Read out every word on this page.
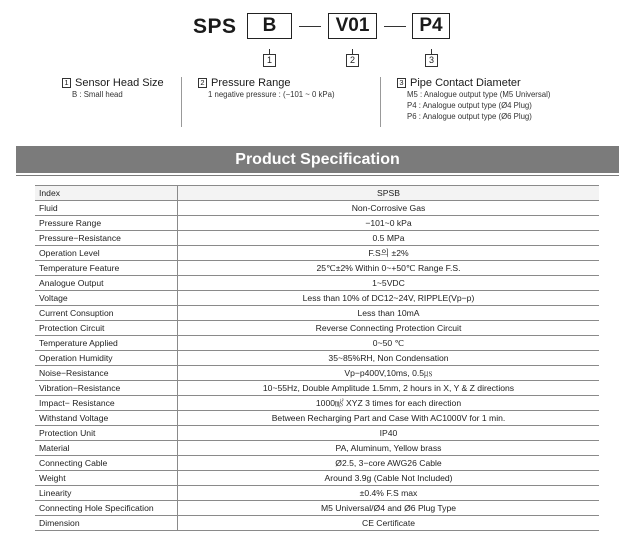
SPS	B	V01	P4
1	2	3
1 Sensor Head Size
B : Small head
2 Pressure Range
1 negative pressure : (−101 ~ 0 kPa)
3 Pipe Contact Diameter
M5 : Analogue output type (M5 Universal)
P4 : Analogue output type (Ø4 Plug)
P6 : Analogue output type (Ø6 Plug)
Product Specification
Index	SPSB
Fluid	Non-Corrosive Gas
Pressure Range	−101~0 kPa
Pressure−Resistance	0.5 MPa
Operation Level	F.S의 ±2%
Temperature Feature	25℃±2% Within 0~+50℃ Range F.S.
Analogue Output	1~5VDC
Voltage	Less than 10% of DC12~24V, RIPPLE(Vp−p)
Current Consuption	Less than 10mA
Protection Circuit	Reverse Connecting Protection Circuit
Temperature Applied	0~50 ℃
Operation Humidity	35~85%RH, Non Condensation
Noise−Resistance	Vp−p400V,10ms, 0.5㎲
Vibration−Resistance	10~55Hz, Double Amplitude 1.5mm, 2 hours in X, Y & Z directions
Impact− Resistance	1000㎨ XYZ 3 times for each direction
Withstand Voltage	Between Recharging Part and Case With AC1000V for 1 min.
Protection Unit	IP40
Material	PA, Aluminum, Yellow brass
Connecting Cable	Ø2.5, 3−core AWG26 Cable
Weight	Around 3.9g (Cable Not Included)
Linearity	±0.4% F.S max
Connecting Hole Specification	M5 Universal/Ø4 and Ø6 Plug Type
Dimension	CE Certificate
